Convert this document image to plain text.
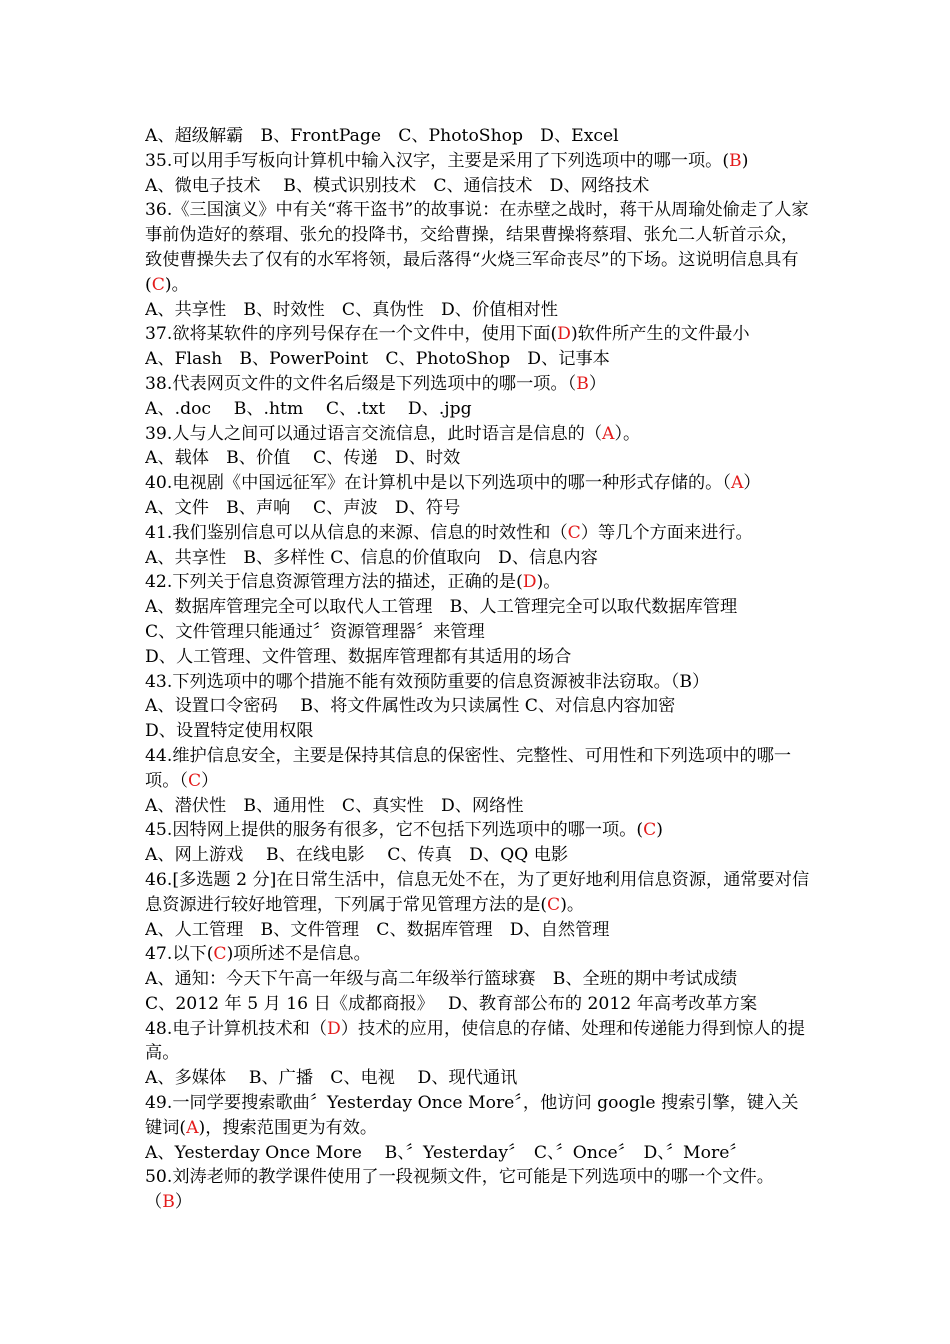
A、超级解霸　B、FrontPage　C、PhotoShop　D、Excel
35.可以用手写板向计算机中输入汉字，主要是采用了下列选项中的哪一项。(B)
A、微电子技术　 B、模式识别技术　C、通信技术　D、网络技术
36.《三国演义》中有关“蒋干盗书”的故事说：在赤壁之战时，蒋干从周瑜处偷走了人家事前伪造好的蔡瑁、张允的投降书，交给曹操，结果曹操将蔡瑁、张允二人斩首示众，致使曹操失去了仅有的水军将领，最后落得“火烧三军命丧尽”的下场。这说明信息具有(C)。
A、共享性　B、时效性　C、真伪性　D、价值相对性
37.欲将某软件的序列号保存在一个文件中，使用下面(D)软件所产生的文件最小
A、Flash　B、PowerPoint　C、PhotoShop　D、记事本
38.代表网页文件的文件名后缀是下列选项中的哪一项。（B）
A、.doc　 B、.htm　 C、.txt　 D、.jpg
39.人与人之间可以通过语言交流信息，此时语言是信息的（A）。
A、载体　B、价值　 C、传递　D、时效
40.电视剧《中国远征军》在计算机中是以下列选项中的哪一种形式存储的。（A）
A、文件　B、声响　 C、声波　D、符号
41.我们鉴别信息可以从信息的来源、信息的时效性和（C）等几个方面来进行。
A、共享性　B、多样性 C、信息的价值取向　D、信息内容
42.下列关于信息资源管理方法的描述，正确的是(D)。
A、数据库管理完全可以取代人工管理　B、人工管理完全可以取代数据库管理
C、文件管理只能通过〞资源管理器〞来管理
D、人工管理、文件管理、数据库管理都有其适用的场合
43.下列选项中的哪个措施不能有效预防重要的信息资源被非法窃取。（B）
A、设置口令密码　 B、将文件属性改为只读属性 C、对信息内容加密
D、设置特定使用权限
44.维护信息安全，主要是保持其信息的保密性、完整性、可用性和下列选项中的哪一项。（C）
A、潜伏性　B、通用性　C、真实性　D、网络性
45.因特网上提供的服务有很多，它不包括下列选项中的哪一项。(C)
A、网上游戏　 B、在线电影　 C、传真　D、QQ 电影
46.[多选题 2 分]在日常生活中，信息无处不在，为了更好地利用信息资源，通常要对信息资源进行较好地管理，下列属于常见管理方法的是(C)。
A、人工管理　B、文件管理　C、数据库管理　D、自然管理
47.以下(C)项所述不是信息。
A、通知：今天下午高一年级与高二年级举行篮球赛　B、全班的期中考试成绩
C、2012 年 5 月 16 日《成都商报》　 D、教育部公布的 2012 年高考改革方案
48.电子计算机技术和（D）技术的应用，使信息的存储、处理和传递能力得到惊人的提高。
A、多媒体　 B、广播　C、电视　 D、现代通讯
49.一同学要搜索歌曲〞Yesterday Once More〞，他访问 google 搜索引擎，键入关键词(A)，搜索范围更为有效。
A、Yesterday Once More　 B、〞Yesterday〞　C、〞Once〞　D、〞More〞
50.刘涛老师的教学课件使用了一段视频文件，它可能是下列选项中的哪一个文件。（B）
